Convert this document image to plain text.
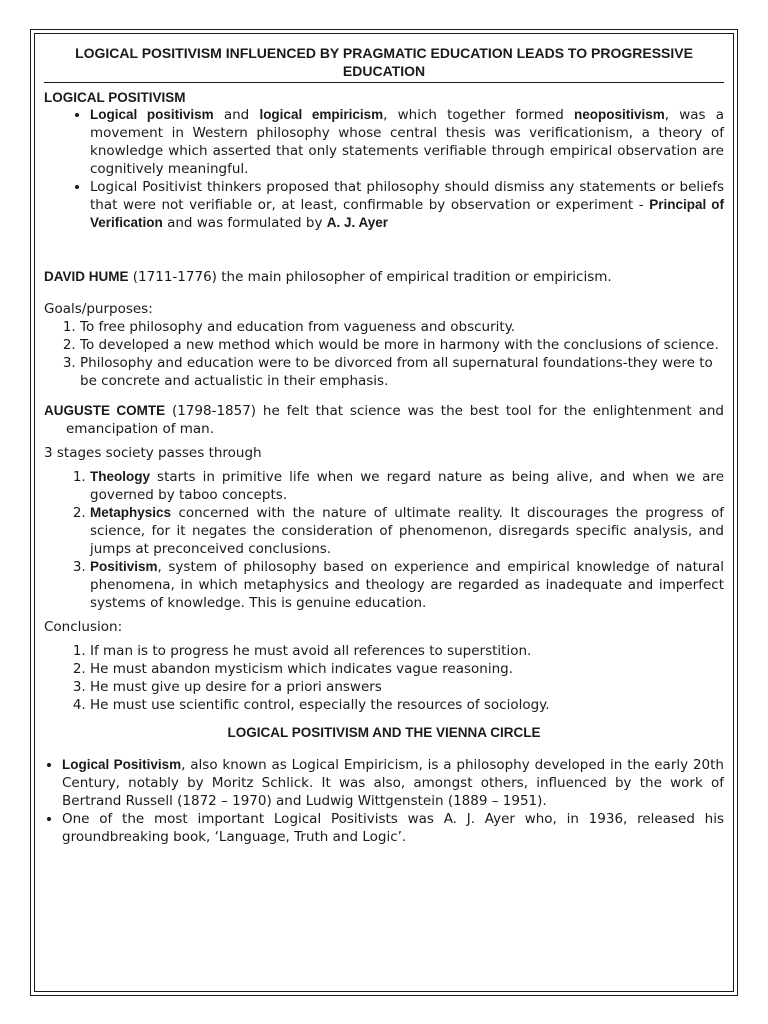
LOGICAL POSITIVISM INFLUENCED BY PRAGMATIC EDUCATION LEADS TO PROGRESSIVE EDUCATION
LOGICAL POSITIVISM
• Logical positivism and logical empiricism, which together formed neopositivism, was a movement in Western philosophy whose central thesis was verificationism, a theory of knowledge which asserted that only statements verifiable through empirical observation are cognitively meaningful.
• Logical Positivist thinkers proposed that philosophy should dismiss any statements or beliefs that were not verifiable or, at least, confirmable by observation or experiment - Principal of Verification and was formulated by A. J. Ayer

DAVID HUME (1711-1776) the main philosopher of empirical tradition or empiricism.

Goals/purposes:

1. To free philosophy and education from vagueness and obscurity.
2. To developed a new method which would be more in harmony with the conclusions of science.
3. Philosophy and education were to be divorced from all supernatural foundations-they were to be concrete and actualistic in their emphasis.

AUGUSTE COMTE (1798-1857) he felt that science was the best tool for the enlightenment and emancipation of man.

3 stages society passes through

1. Theology starts in primitive life when we regard nature as being alive, and when we are governed by taboo concepts.
2. Metaphysics concerned with the nature of ultimate reality. It discourages the progress of science, for it negates the consideration of phenomenon, disregards specific analysis, and jumps at preconceived conclusions.
3. Positivism, system of philosophy based on experience and empirical knowledge of natural phenomena, in which metaphysics and theology are regarded as inadequate and imperfect systems of knowledge. This is genuine education.

Conclusion:

1. If man is to progress he must avoid all references to superstition.
2. He must abandon mysticism which indicates vague reasoning.
3. He must give up desire for a priori answers
4. He must use scientific control, especially the resources of sociology.

LOGICAL POSITIVISM AND THE VIENNA CIRCLE

• Logical Positivism, also known as Logical Empiricism, is a philosophy developed in the early 20th Century, notably by Moritz Schlick. It was also, amongst others, influenced by the work of Bertrand Russell (1872 – 1970) and Ludwig Wittgenstein (1889 – 1951).
• One of the most important Logical Positivists was A. J. Ayer who, in 1936, released his groundbreaking book, ‘Language, Truth and Logic’.
